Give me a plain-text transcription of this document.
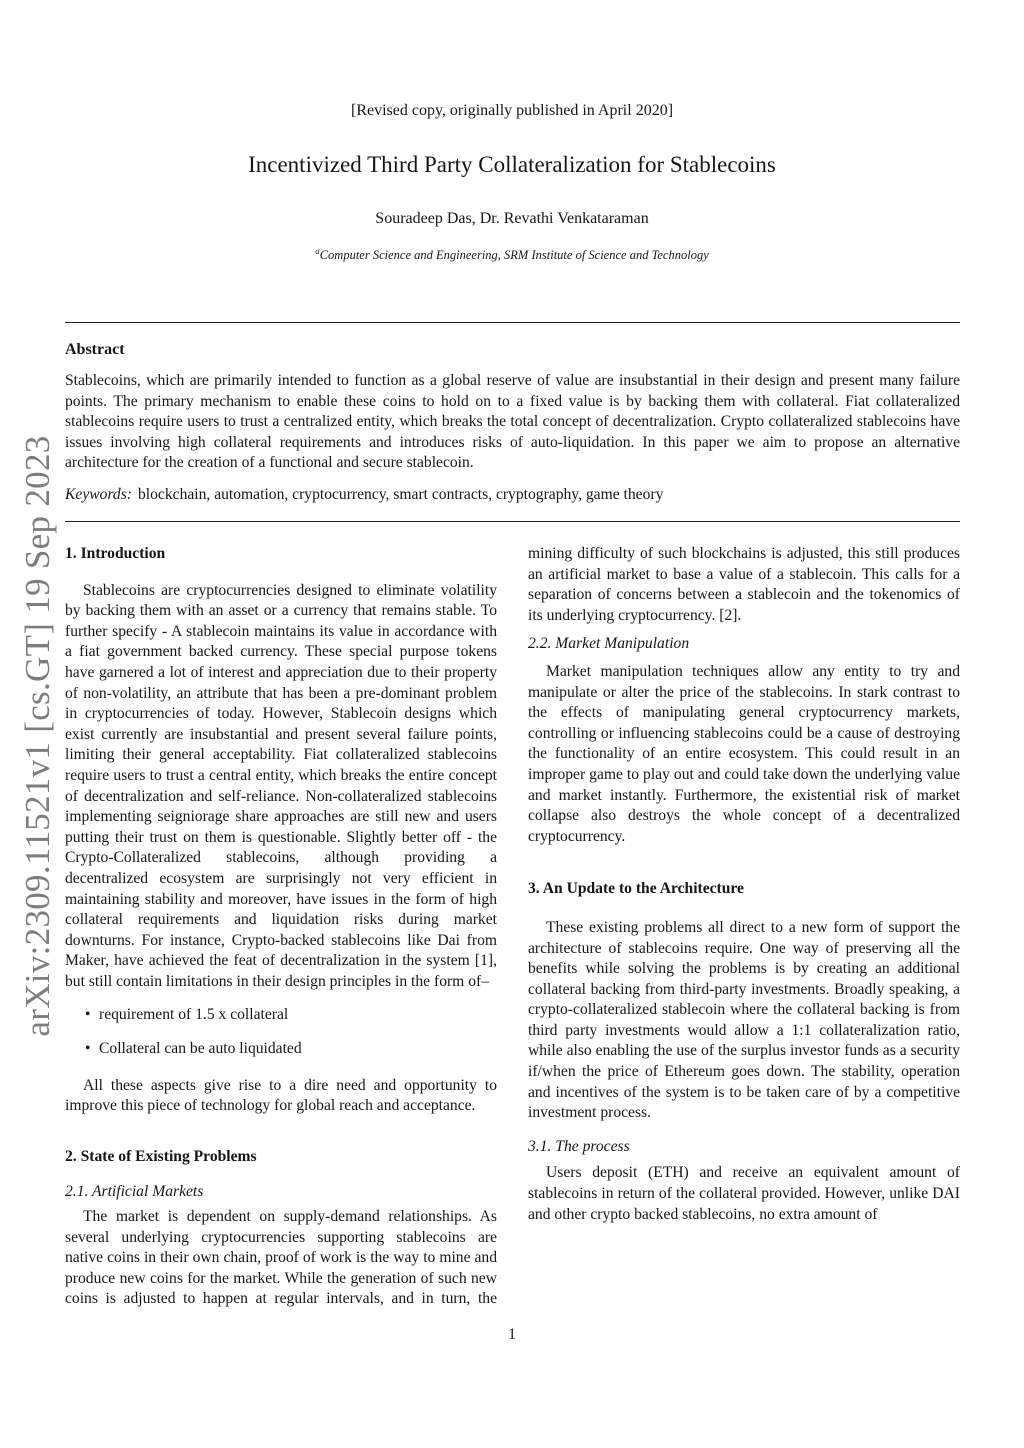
[Revised copy, originally published in April 2020]
Incentivized Third Party Collateralization for Stablecoins
Souradeep Das, Dr. Revathi Venkataraman
$^a$Computer Science and Engineering, SRM Institute of Science and Technology
Abstract
Stablecoins, which are primarily intended to function as a global reserve of value are insubstantial in their design and present many failure points. The primary mechanism to enable these coins to hold on to a fixed value is by backing them with collateral. Fiat collateralized stablecoins require users to trust a centralized entity, which breaks the total concept of decentralization. Crypto collateralized stablecoins have issues involving high collateral requirements and introduces risks of auto-liquidation. In this paper we aim to propose an alternative architecture for the creation of a functional and secure stablecoin.
Keywords: blockchain, automation, cryptocurrency, smart contracts, cryptography, game theory
arXiv:2309.11521v1 [cs.GT] 19 Sep 2023 1. Introduction

Stablecoins are cryptocurrencies designed to eliminate volatility by backing them with an asset or a currency that remains stable. To further specify - A stablecoin maintains its value in accordance with a fiat government backed currency. These special purpose tokens have garnered a lot of interest and appreciation due to their property of non-volatility, an attribute that has been a pre-dominant problem in cryptocurrencies of today. However, Stablecoin designs which exist currently are insubstantial and present several failure points, limiting their general acceptability. Fiat collateralized stablecoins require users to trust a central entity, which breaks the entire concept of decentralization and self-reliance. Non-collateralized stablecoins implementing seigniorage share approaches are still new and users putting their trust on them is questionable. Slightly better off - the Crypto-Collateralized stablecoins, although providing a decentralized ecosystem are surprisingly not very efficient in maintaining stability and moreover, have issues in the form of high collateral requirements and liquidation risks during market downturns. For instance, Crypto-backed stablecoins like Dai from Maker, have achieved the feat of decentralization in the system [1], but still contain limitations in their design principles in the form of–

• requirement of 1.5 x collateral
• Collateral can be auto liquidated

All these aspects give rise to a dire need and opportunity to improve this piece of technology for global reach and acceptance.

2. State of Existing Problems
2.1. Artificial Markets

The market is dependent on supply-demand relationships. As several underlying cryptocurrencies supporting stablecoins are native coins in their own chain, proof of work is the way to mine and produce new coins for the market. While the generation of such new coins is adjusted to happen at regular intervals, and in turn, the

mining difficulty of such blockchains is adjusted, this still produces an artificial market to base a value of a stablecoin. This calls for a separation of concerns between a stablecoin and the tokenomics of its underlying cryptocurrency. [2].

2.2. Market Manipulation

Market manipulation techniques allow any entity to try and manipulate or alter the price of the stablecoins. In stark contrast to the effects of manipulating general cryptocurrency markets, controlling or influencing stablecoins could be a cause of destroying the functionality of an entire ecosystem. This could result in an improper game to play out and could take down the underlying value and market instantly. Furthermore, the existential risk of market collapse also destroys the whole concept of a decentralized cryptocurrency.

3. An Update to the Architecture

These existing problems all direct to a new form of support the architecture of stablecoins require. One way of preserving all the benefits while solving the problems is by creating an additional collateral backing from third-party investments. Broadly speaking, a crypto-collateralized stablecoin where the collateral backing is from third party investments would allow a 1:1 collateralization ratio, while also enabling the use of the surplus investor funds as a security if/when the price of Ethereum goes down. The stability, operation and incentives of the system is to be taken care of by a competitive investment process.

3.1. The process

Users deposit (ETH) and receive an equivalent amount of stablecoins in return of the collateral provided. However, unlike DAI and other crypto backed stablecoins, no extra amount of

1
